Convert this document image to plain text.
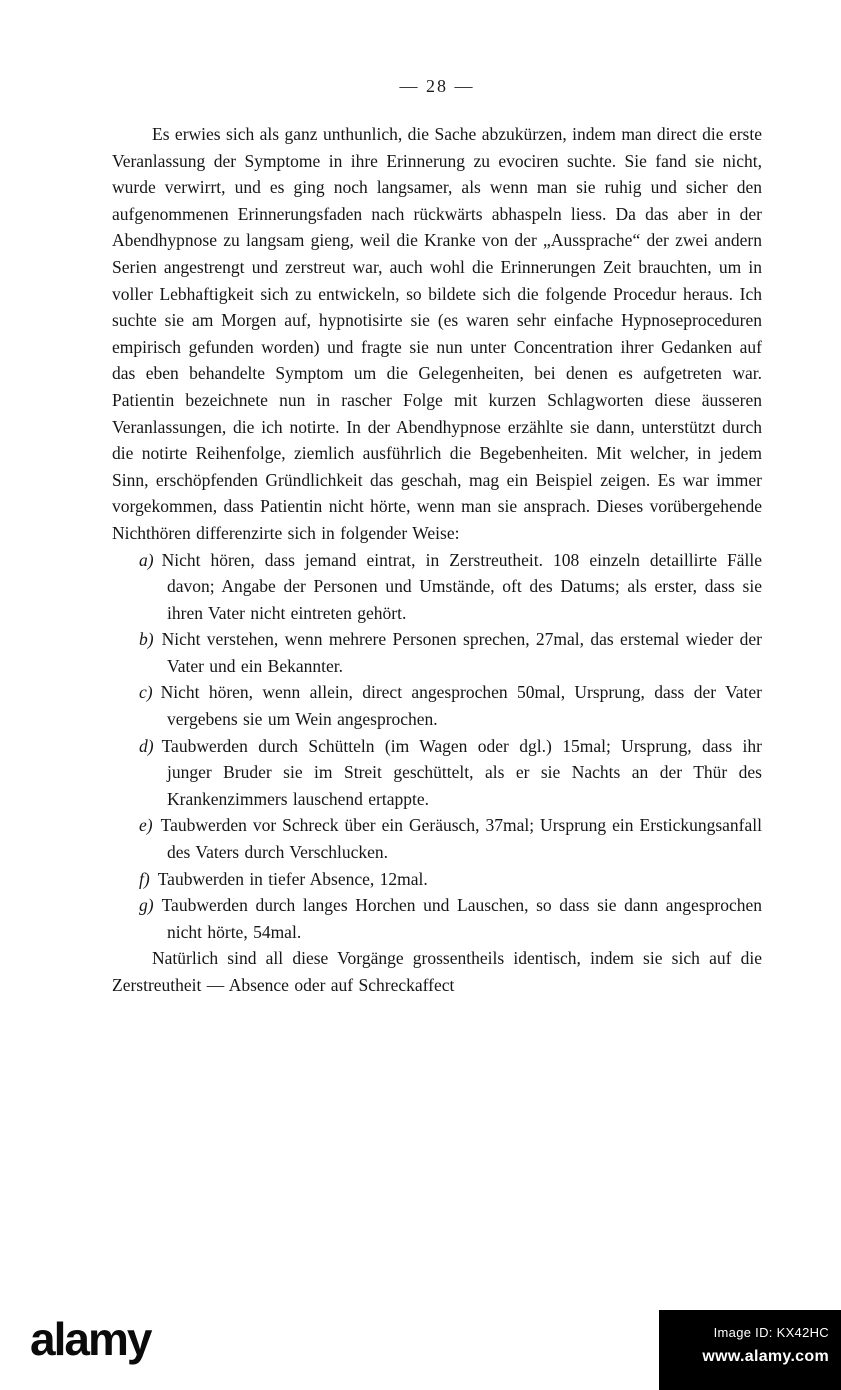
— 28 —

Es erwies sich als ganz unthunlich, die Sache abzukürzen, indem man direct die erste Veranlassung der Symptome in ihre Erinnerung zu evociren suchte. Sie fand sie nicht, wurde verwirrt, und es ging noch langsamer, als wenn man sie ruhig und sicher den aufgenommenen Erinnerungsfaden nach rückwärts abhaspeln liess. Da das aber in der Abendhypnose zu langsam gieng, weil die Kranke von der „Aussprache“ der zwei andern Serien angestrengt und zerstreut war, auch wohl die Erinnerungen Zeit brauchten, um in voller Lebhaftigkeit sich zu entwickeln, so bildete sich die folgende Procedur heraus. Ich suchte sie am Morgen auf, hypnotisirte sie (es waren sehr einfache Hypnoseproceduren empirisch gefunden worden) und fragte sie nun unter Concentration ihrer Gedanken auf das eben behandelte Symptom um die Gelegenheiten, bei denen es aufgetreten war. Patientin bezeichnete nun in rascher Folge mit kurzen Schlagworten diese äusseren Veranlassungen, die ich notirte. In der Abendhypnose erzählte sie dann, unterstützt durch die notirte Reihenfolge, ziemlich ausführlich die Begebenheiten. Mit welcher, in jedem Sinn, erschöpfenden Gründlichkeit das geschah, mag ein Beispiel zeigen. Es war immer vorgekommen, dass Patientin nicht hörte, wenn man sie ansprach. Dieses vorübergehende Nichthören differenzirte sich in folgender Weise:

a) Nicht hören, dass jemand eintrat, in Zerstreutheit. 108 einzeln detaillirte Fälle davon; Angabe der Personen und Umstände, oft des Datums; als erster, dass sie ihren Vater nicht eintreten gehört.
b) Nicht verstehen, wenn mehrere Personen sprechen, 27mal, das erstemal wieder der Vater und ein Bekannter.
c) Nicht hören, wenn allein, direct angesprochen 50mal, Ursprung, dass der Vater vergebens sie um Wein angesprochen.
d) Taubwerden durch Schütteln (im Wagen oder dgl.) 15mal; Ursprung, dass ihr junger Bruder sie im Streit geschüttelt, als er sie Nachts an der Thür des Krankenzimmers lauschend ertappte.
e) Taubwerden vor Schreck über ein Geräusch, 37mal; Ursprung ein Erstickungsanfall des Vaters durch Verschlucken.
f) Taubwerden in tiefer Absence, 12mal.
g) Taubwerden durch langes Horchen und Lauschen, so dass sie dann angesprochen nicht hörte, 54mal.

Natürlich sind all diese Vorgänge grossentheils identisch, indem sie sich auf die Zerstreutheit — Absence oder auf Schreckaffect

alamy	Image ID: KX42HC
www.alamy.com
